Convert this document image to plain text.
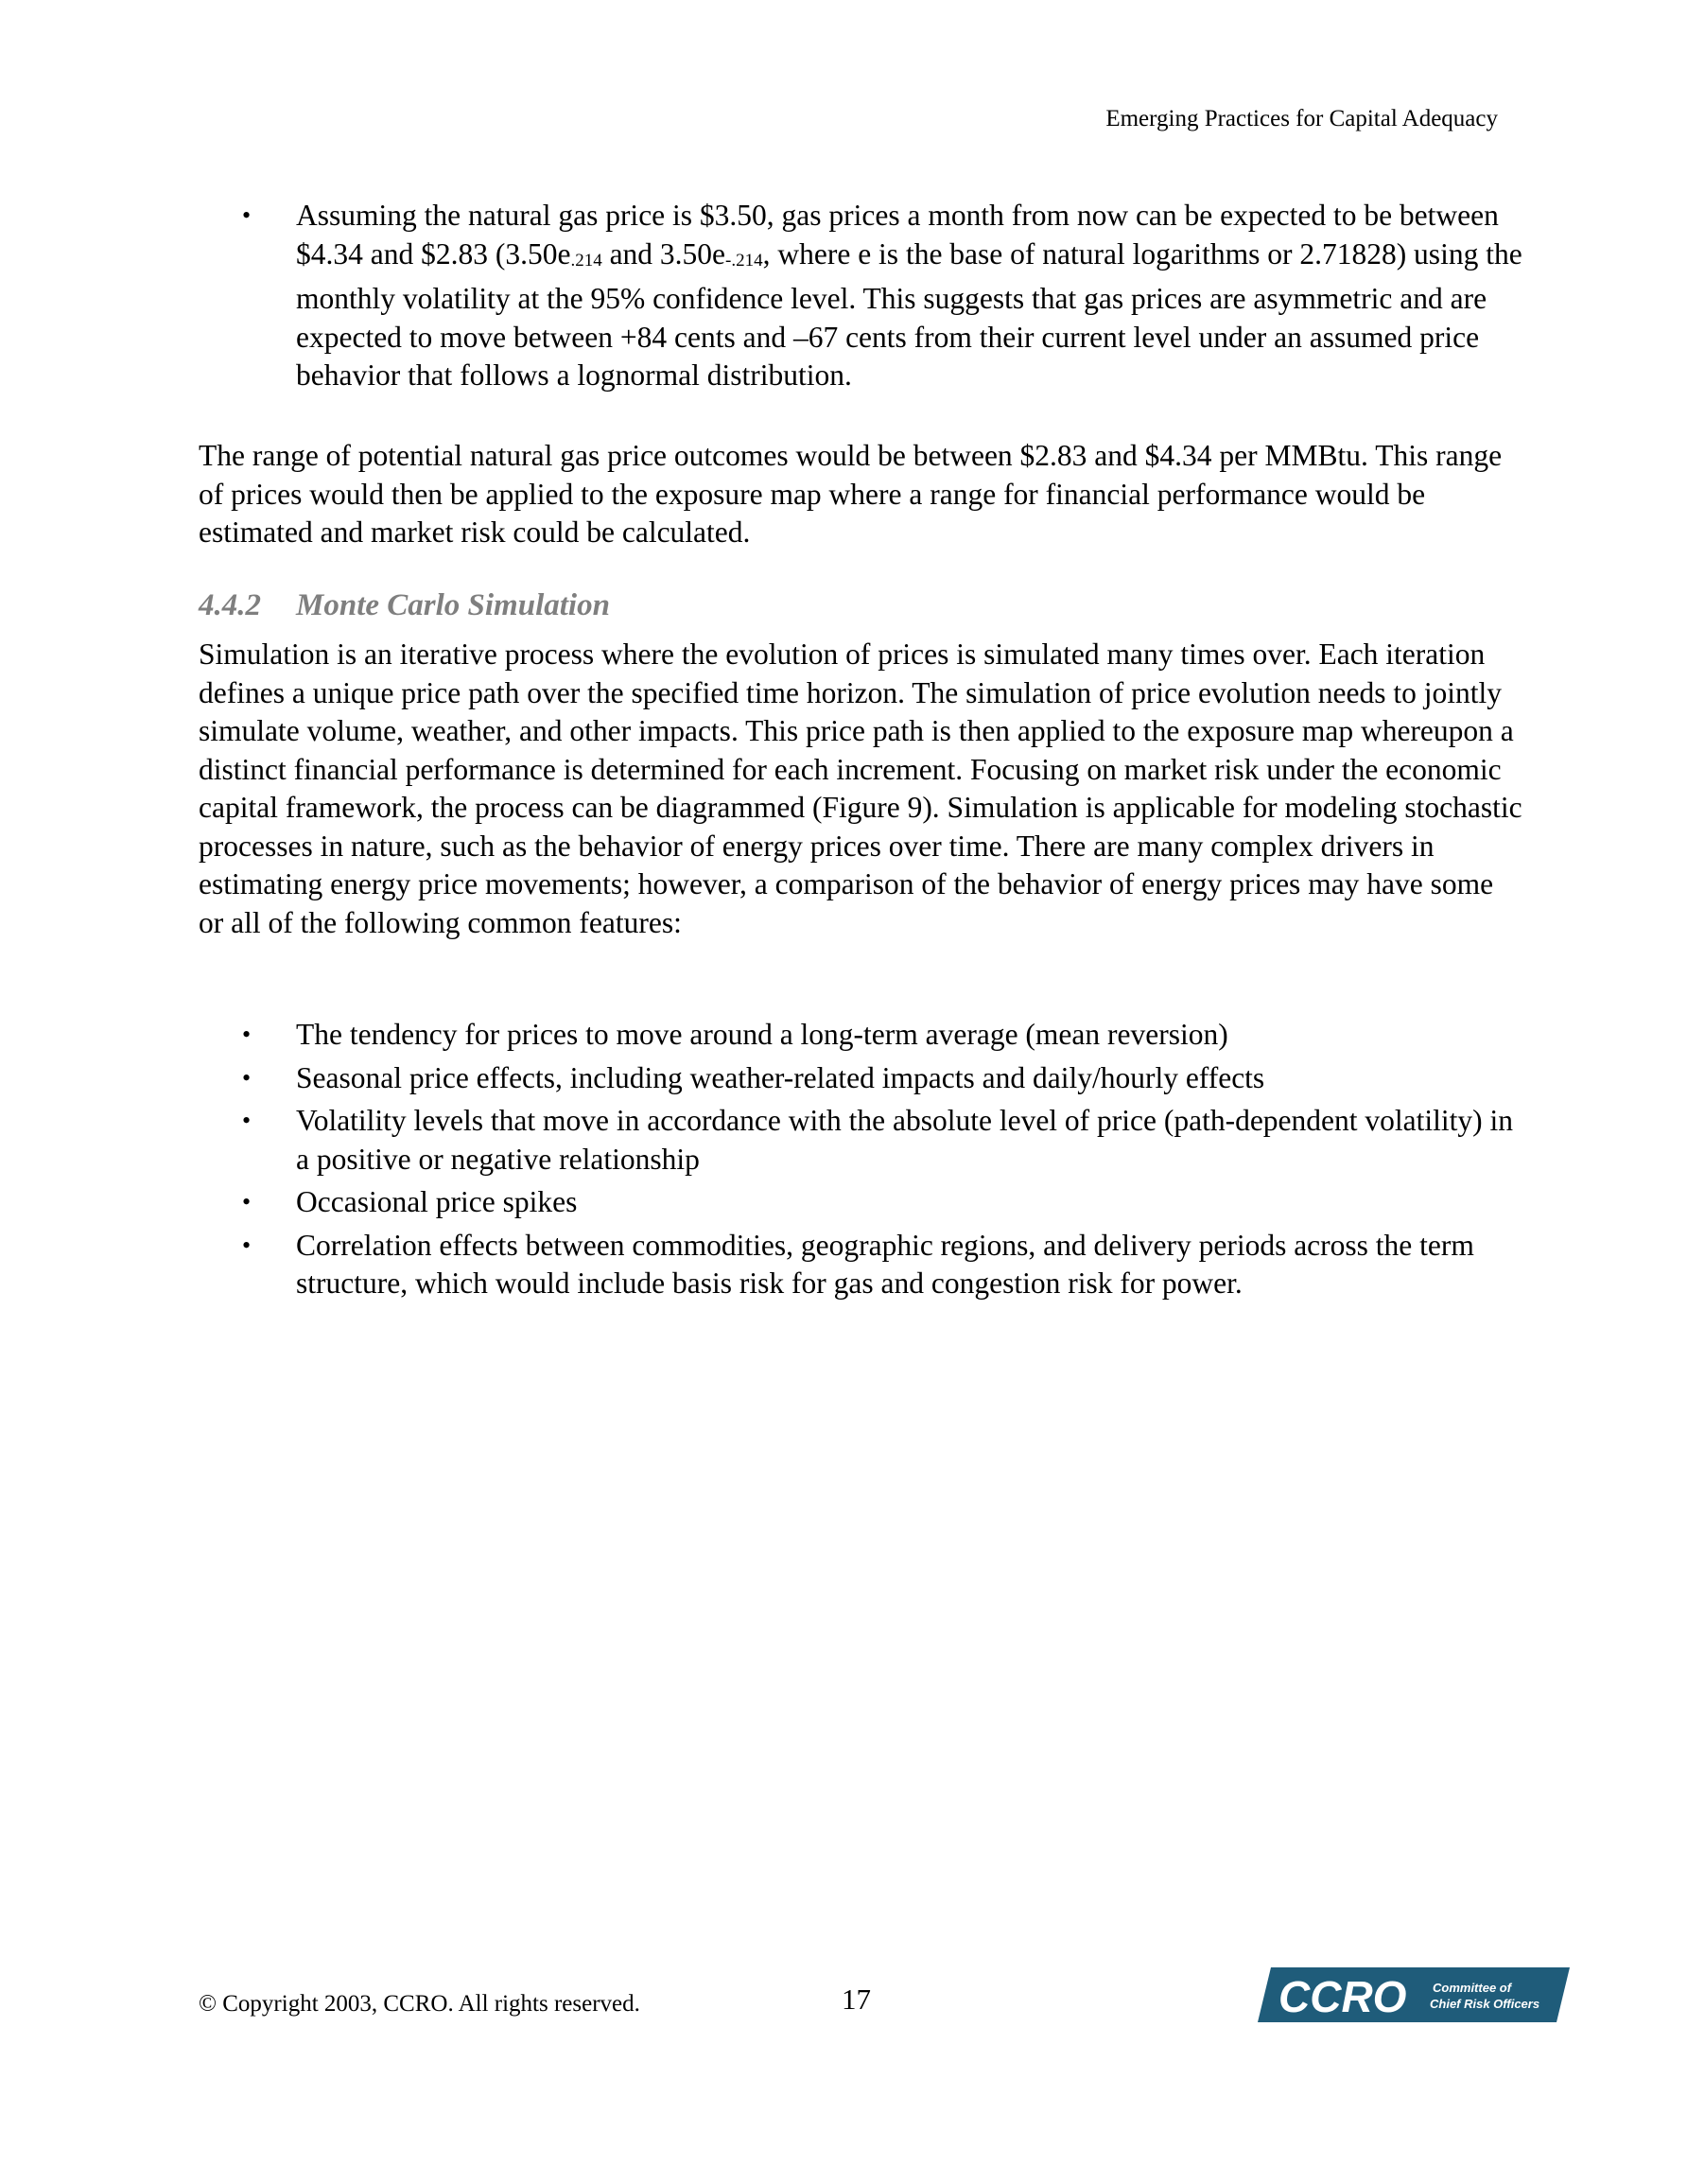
Emerging Practices for Capital Adequacy
• Assuming the natural gas price is $3.50, gas prices a month from now can be expected to be between $4.34 and $2.83 (3.50e.214 and 3.50e-.214, where e is the base of natural logarithms or 2.71828) using the monthly volatility at the 95% confidence level. This suggests that gas prices are asymmetric and are expected to move between +84 cents and –67 cents from their current level under an assumed price behavior that follows a lognormal distribution.

The range of potential natural gas price outcomes would be between $2.83 and $4.34 per MMBtu. This range of prices would then be applied to the exposure map where a range for financial performance would be estimated and market risk could be calculated.

4.4.2 Monte Carlo Simulation

Simulation is an iterative process where the evolution of prices is simulated many times over. Each iteration defines a unique price path over the specified time horizon. The simulation of price evolution needs to jointly simulate volume, weather, and other impacts. This price path is then applied to the exposure map whereupon a distinct financial performance is determined for each increment. Focusing on market risk under the economic capital framework, the process can be diagrammed (Figure 9). Simulation is applicable for modeling stochastic processes in nature, such as the behavior of energy prices over time. There are many complex drivers in estimating energy price movements; however, a comparison of the behavior of energy prices may have some or all of the following common features:

• The tendency for prices to move around a long-term average (mean reversion)
• Seasonal price effects, including weather-related impacts and daily/hourly effects
• Volatility levels that move in accordance with the absolute level of price (path-dependent volatility) in a positive or negative relationship
• Occasional price spikes
• Correlation effects between commodities, geographic regions, and delivery periods across the term structure, which would include basis risk for gas and congestion risk for power.
© Copyright 2003, CCRO. All rights reserved.	17	CCRO Committee of
Chief Risk Officers
